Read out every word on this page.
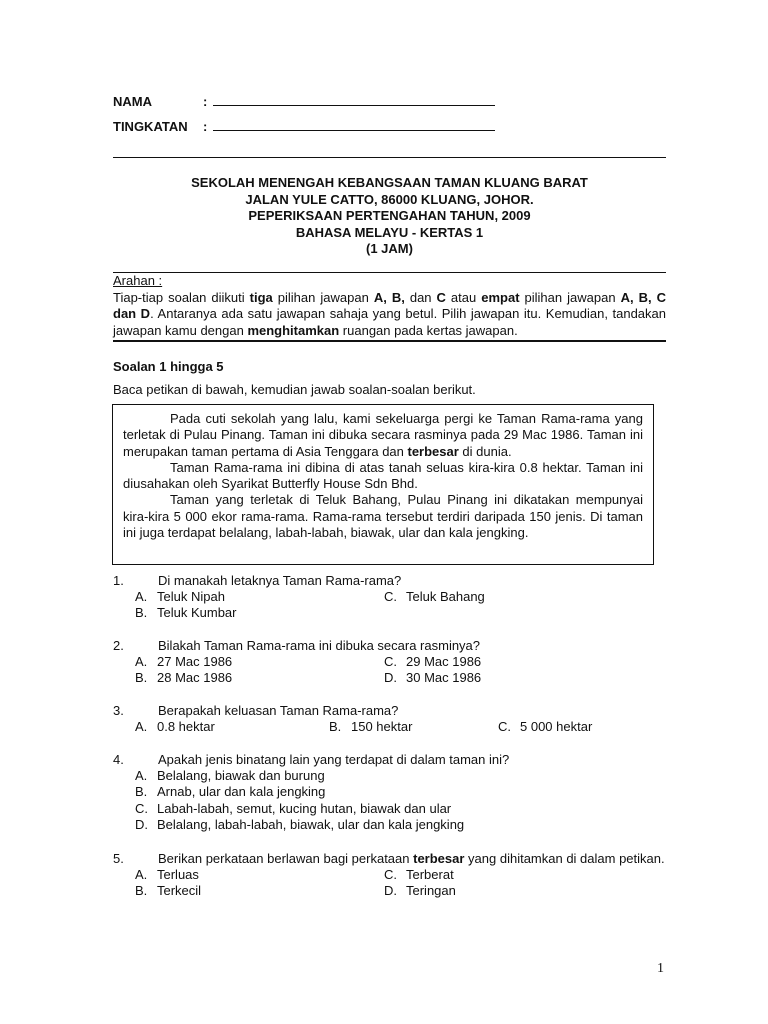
NAMA	:
TINGKATAN :
SEKOLAH MENENGAH KEBANGSAAN TAMAN KLUANG BARAT
JALAN YULE CATTO, 86000 KLUANG, JOHOR.
PEPERIKSAAN PERTENGAHAN TAHUN, 2009
BAHASA MELAYU - KERTAS 1
(1 JAM)
Arahan :
Tiap-tiap soalan diikuti tiga pilihan jawapan A, B, dan C atau empat pilihan jawapan A, B, C dan D. Antaranya ada satu jawapan sahaja yang betul. Pilih jawapan itu. Kemudian, tandakan jawapan kamu dengan menghitamkan ruangan pada kertas jawapan.
Soalan 1 hingga 5
Baca petikan di bawah, kemudian jawab soalan-soalan berikut.

Pada cuti sekolah yang lalu, kami sekeluarga pergi ke Taman Rama-rama yang terletak di Pulau Pinang. Taman ini dibuka secara rasminya pada 29 Mac 1986. Taman ini merupakan taman pertama di Asia Tenggara dan terbesar di dunia.

Taman Rama-rama ini dibina di atas tanah seluas kira-kira 0.8 hektar. Taman ini diusahakan oleh Syarikat Butterfly House Sdn Bhd.

Taman yang terletak di Teluk Bahang, Pulau Pinang ini dikatakan mempunyai kira-kira 5 000 ekor rama-rama. Rama-rama tersebut terdiri daripada 150 jenis. Di taman ini juga terdapat belalang, labah-labah, biawak, ular dan kala jengking.

1.	Di manakah letaknya Taman Rama-rama?
A. Teluk Nipah	C. Teluk Bahang
B. Teluk Kumbar
2.	Bilakah Taman Rama-rama ini dibuka secara rasminya?
A. 27 Mac 1986	C. 29 Mac 1986
B. 28 Mac 1986	D. 30 Mac 1986
3.	Berapakah keluasan Taman Rama-rama?
A. 0.8 hektar	B. 150 hektar	C. 5 000 hektar
4.	Apakah jenis binatang lain yang terdapat di dalam taman ini?
A. Belalang, biawak dan burung
B. Arnab, ular dan kala jengking
C. Labah-labah, semut, kucing hutan, biawak dan ular
D. Belalang, labah-labah, biawak, ular dan kala jengking
5.	Berikan perkataan berlawan bagi perkataan terbesar yang dihitamkan di dalam petikan.
A. Terluas	C. Terberat
B. Terkecil	D. Teringan
1
